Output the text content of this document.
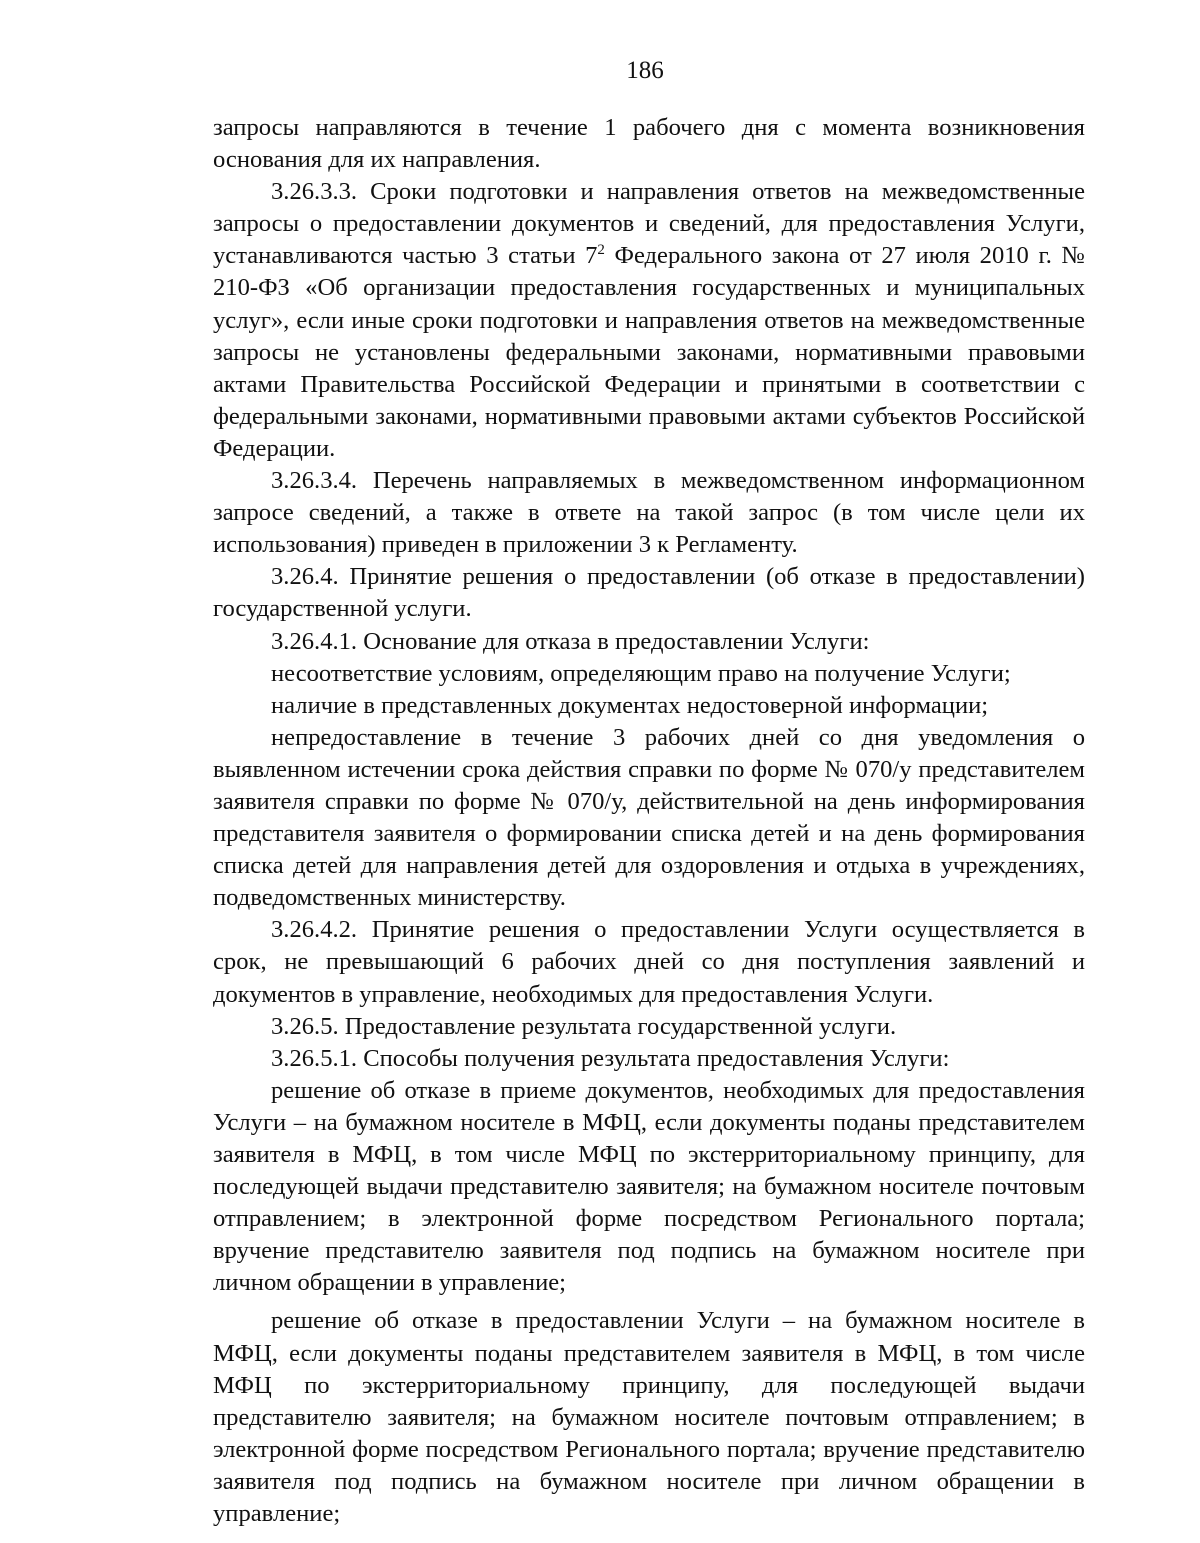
186

запросы направляются в течение 1 рабочего дня с момента возникновения основания для их направления.

3.26.3.3. Сроки подготовки и направления ответов на межведомственные запросы о предоставлении документов и сведений, для предоставления Услуги, устанавливаются частью 3 статьи $7^2$ Федерального закона от 27 июля 2010 г. № 210-ФЗ «Об организации предоставления государственных и муниципальных услуг», если иные сроки подготовки и направления ответов на межведомственные запросы не установлены федеральными законами, нормативными правовыми актами Правительства Российской Федерации и принятыми в соответствии с федеральными законами, нормативными правовыми актами субъектов Российской Федерации.

3.26.3.4. Перечень направляемых в межведомственном информационном запросе сведений, а также в ответе на такой запрос (в том числе цели их использования) приведен в приложении 3 к Регламенту.

3.26.4. Принятие решения о предоставлении (об отказе в предоставлении) государственной услуги.

3.26.4.1. Основание для отказа в предоставлении Услуги:

несоответствие условиям, определяющим право на получение Услуги;

наличие в представленных документах недостоверной информации;

непредоставление в течение 3 рабочих дней со дня уведомления о выявленном истечении срока действия справки по форме № 070/у представителем заявителя справки по форме № 070/у, действительной на день информирования представителя заявителя о формировании списка детей и на день формирования списка детей для направления детей для оздоровления и отдыха в учреждениях, подведомственных министерству.

3.26.4.2. Принятие решения о предоставлении Услуги осуществляется в срок, не превышающий 6 рабочих дней со дня поступления заявлений и документов в управление, необходимых для предоставления Услуги.

3.26.5. Предоставление результата государственной услуги.

3.26.5.1. Способы получения результата предоставления Услуги:

решение об отказе в приеме документов, необходимых для предоставления Услуги – на бумажном носителе в МФЦ, если документы поданы представителем заявителя в МФЦ, в том числе МФЦ по экстерриториальному принципу, для последующей выдачи представителю заявителя; на бумажном носителе почтовым отправлением; в электронной форме посредством Регионального портала; вручение представителю заявителя под подпись на бумажном носителе при личном обращении в управление;

решение об отказе в предоставлении Услуги – на бумажном носителе в МФЦ, если документы поданы представителем заявителя в МФЦ, в том числе МФЦ по экстерриториальному принципу, для последующей выдачи представителю заявителя; на бумажном носителе почтовым отправлением; в электронной форме посредством Регионального портала; вручение представителю заявителя под подпись на бумажном носителе при личном обращении в управление;
